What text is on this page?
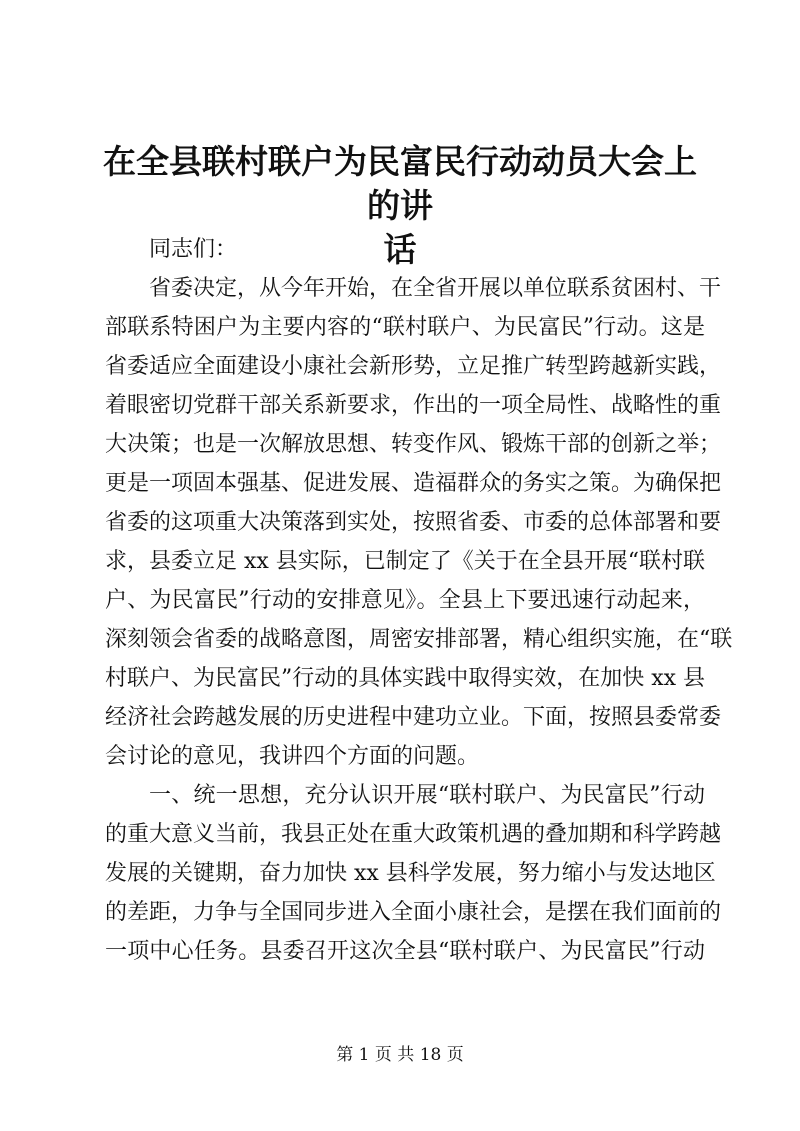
在全县联村联户为民富民行动动员大会上的讲
话
同志们：
省委决定，从今年开始，在全省开展以单位联系贫困村、干
部联系特困户为主要内容的“联村联户、为民富民”行动。这是
省委适应全面建设小康社会新形势，立足推广转型跨越新实践，
着眼密切党群干部关系新要求，作出的一项全局性、战略性的重
大决策；也是一次解放思想、转变作风、锻炼干部的创新之举；
更是一项固本强基、促进发展、造福群众的务实之策。为确保把
省委的这项重大决策落到实处，按照省委、市委的总体部署和要
求，县委立足 xx 县实际，已制定了《关于在全县开展“联村联
户、为民富民”行动的安排意见》。全县上下要迅速行动起来，
深刻领会省委的战略意图，周密安排部署，精心组织实施，在“联
村联户、为民富民”行动的具体实践中取得实效，在加快 xx 县
经济社会跨越发展的历史进程中建功立业。下面，按照县委常委
会讨论的意见，我讲四个方面的问题。
一、统一思想，充分认识开展“联村联户、为民富民”行动
的重大意义当前，我县正处在重大政策机遇的叠加期和科学跨越
发展的关键期，奋力加快 xx 县科学发展，努力缩小与发达地区
的差距，力争与全国同步进入全面小康社会，是摆在我们面前的
一项中心任务。县委召开这次全县“联村联户、为民富民”行动
第 1 页 共 18 页
